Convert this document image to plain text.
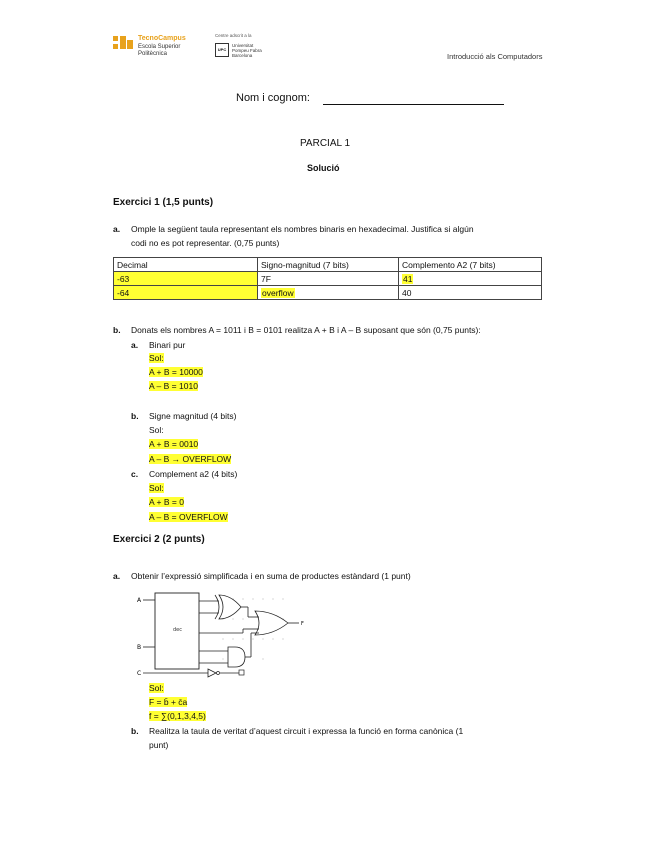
TecnoCampus
Escola Superior
Politècnica
Centre adscrit a la
UPC
Universitat
Pompeu Fabra
Barcelona	Introducció als Computadors
Nom i cognom:
PARCIAL 1
Solució
Exercici 1 (1,5 punts)
a. Omple la següent taula representant els nombres binaris en hexadecimal. Justifica si algún
codi no es pot representar. (0,75 punts)
Decimal	Signo-magnitud (7 bits)	Complemento A2 (7 bits)
-63	7F	41
-64	overflow	40
b. Donats els nombres A = 1011 i B = 0101 realitza A + B i A – B suposant que són (0,75 punts):
a. Binari pur
Sol:
A + B = 10000
A – B = 1010
b. Signe magnitud (4 bits)
Sol:
A + B = 0010
A – B → OVERFLOW
c. Complement a2 (4 bits)
Sol:
A + B = 0
A – B = OVERFLOW
Exercici 2 (2 punts)
a. Obtenir l’expressió simplificada i en suma de productes estàndard (1 punt)
dec
A
B
C
F
Sol:
F = b̄ + c̄a
f = ∑(0,1,3,4,5)
b. Realitza la taula de veritat d’aquest circuit i expressa la funció en forma canònica (1
punt)
